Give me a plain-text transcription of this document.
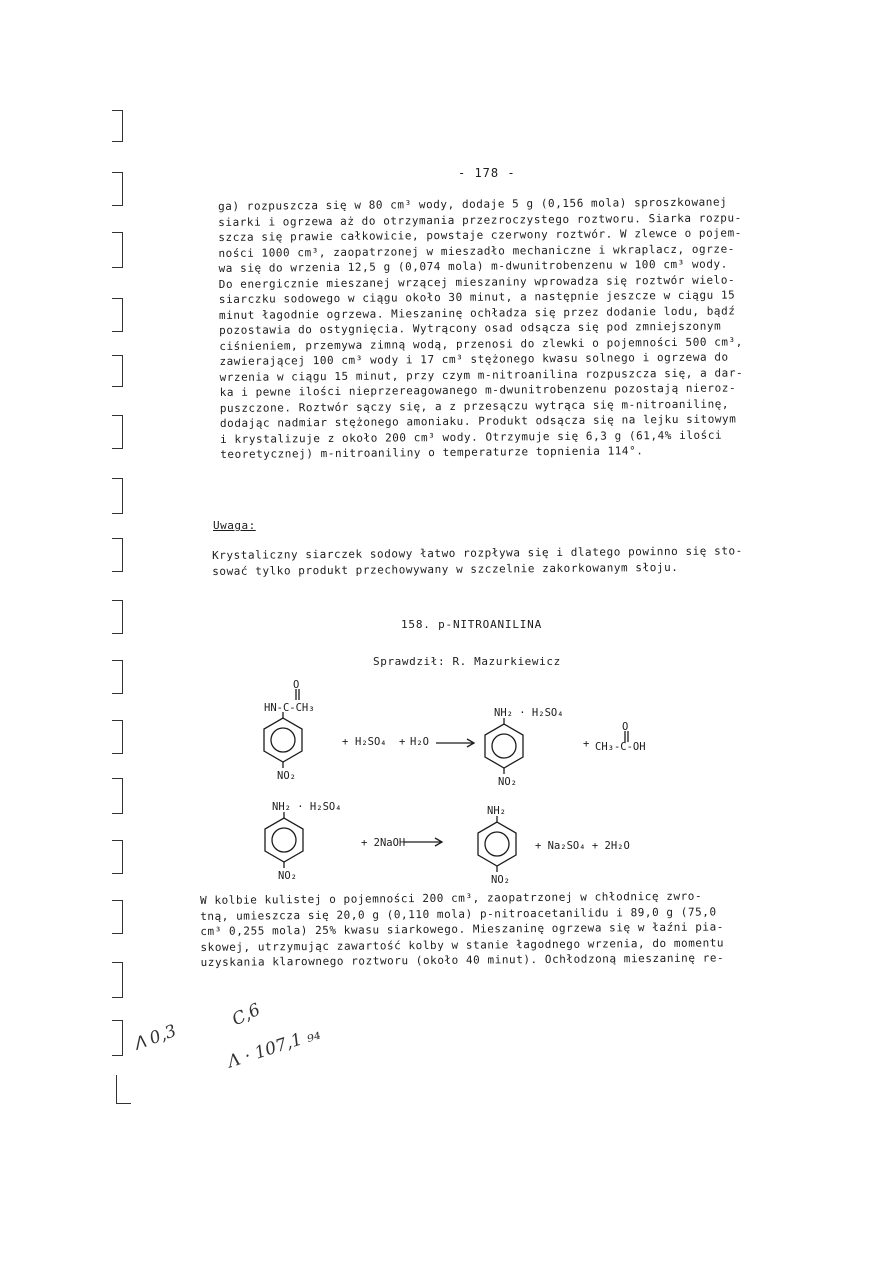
- 178 -
ga) rozpuszcza się w 80 cm³ wody, dodaje 5 g (0,156 mola) sproszkowanej
siarki i ogrzewa aż do otrzymania przezroczystego roztworu. Siarka rozpu-
szcza się prawie całkowicie, powstaje czerwony roztwór. W zlewce o pojem-
ności 1000 cm³, zaopatrzonej w mieszadło mechaniczne i wkraplacz, ogrze-
wa się do wrzenia 12,5 g (0,074 mola) m-dwunitrobenzenu w 100 cm³ wody.
Do energicznie mieszanej wrzącej mieszaniny wprowadza się roztwór wielo-
siarczku sodowego w ciągu około 30 minut, a następnie jeszcze w ciągu 15
minut łagodnie ogrzewa. Mieszaninę ochładza się przez dodanie lodu, bądź
pozostawia do ostygnięcia. Wytrącony osad odsącza się pod zmniejszonym
ciśnieniem, przemywa zimną wodą, przenosi do zlewki o pojemności 500 cm³,
zawierającej 100 cm³ wody i 17 cm³ stężonego kwasu solnego i ogrzewa do
wrzenia w ciągu 15 minut, przy czym m-nitroanilina rozpuszcza się, a dar-
ka i pewne ilości nieprzereagowanego m-dwunitrobenzenu pozostają nieroz-
puszczone. Roztwór sączy się, a z przesączu wytrąca się m-nitroanilinę,
dodając nadmiar stężonego amoniaku. Produkt odsącza się na lejku sitowym
i krystalizuje z około 200 cm³ wody. Otrzymuje się 6,3 g (61,4% ilości
teoretycznej) m-nitroaniliny o temperaturze topnienia 114°.
Uwaga:
Krystaliczny siarczek sodowy łatwo rozpływa się i dlatego powinno się sto-
sować tylko produkt przechowywany w szczelnie zakorkowanym słoju.
158. p-NITROANILINA
Sprawdził: R. Mazurkiewicz
O
HN-C-CH₃
NO₂
+ H₂SO₄ + H₂O
NH₂ · H₂SO₄
NO₂
+
O
CH₃-C-OH
NH₂ · H₂SO₄
NO₂
+ 2NaOH
NH₂
NO₂
+ Na₂SO₄ + 2H₂O
W kolbie kulistej o pojemności 200 cm³, zaopatrzonej w chłodnicę zwro-
tną, umieszcza się 20,0 g (0,110 mola) p-nitroacetanilidu i 89,0 g (75,0
cm³ 0,255 mola) 25% kwasu siarkowego. Mieszaninę ogrzewa się w łaźni pia-
skowej, utrzymując zawartość kolby w stanie łagodnego wrzenia, do momentu
uzyskania klarownego roztworu (około 40 minut). Ochłodzoną mieszaninę re-
ᐱ 0,3
C,6
Λ · 107,1 ₉₄
